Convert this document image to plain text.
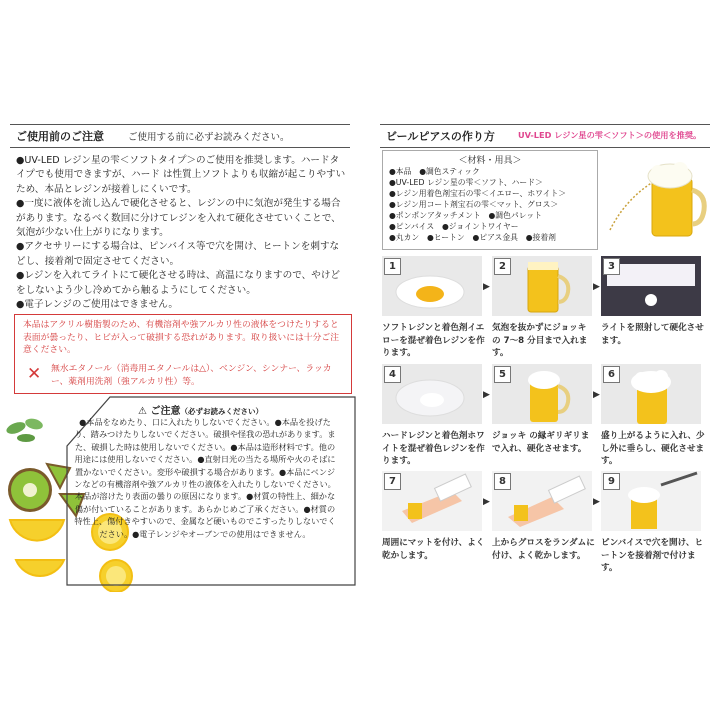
ご使用前のご注意	ご使用する前に必ずお読みください。

●UV-LED レジン星の雫＜ソフトタイプ＞のご使用を推奨します。ハードタイプでも使用できますが、ハード は性質上ソフトよりも収縮が起こりやすいため、本品とレジンが接着しにくいです。

●一度に液体を流し込んで硬化させると、レジンの中に気泡が発生する場合があります。なるべく数回に分けてレジンを入れて硬化させていくことで、気泡が少ない仕上がりになります。

●アクセサリーにする場合は、ピンバイス等で穴を開け、ヒートンを刺すなどし、接着剤で固定させてください。

●レジンを入れてライトにて硬化させる時は、高温になりますので、やけどをしないよう少し冷めてから触るようにしてください。

●電子レンジのご使用はできません。

本品はアクリル樹脂製のため、有機溶剤や強アルカリ性の液体をつけたりすると表面が曇ったり、ヒビが入って破損する恐れがあります。取り扱いには十分ご注意ください。
✕ 無水エタノール（消毒用エタノールは△）、ベンジン、シンナー、ラッカー、薬剤用洗剤（強アルカリ性）等。
⚠ ご注意（必ずお読みください）
●本品をなめたり、口に入れたりしないでください。●本品を投げたり、踏みつけたりしないでください。破損や怪我の恐れがあります。また、破損した時は使用しないでください。●本品は造形材料です。他の用途には使用しないでください。●直射日光の当たる場所や火のそばに置かないでください。変形や破損する場合があります。●本品にベンジンなどの有機溶剤や強アルカリ性の液体を入れたりしないでください。本品が溶けたり表面の曇りの原因になります。●材質の特性上、細かな傷が付いていることがあります。あらかじめご了承ください。●材質の特性上、傷付きやすいので、金属など硬いものでこすったりしないでください。●電子レンジやオーブンでの使用はできません。
ビールピアスの作り方	UV-LED レジン星の雫＜ソフト＞の使用を推奨。
＜材料・用具＞
●本品　●調色スティック
●UV-LED レジン星の雫＜ソフト、ハード＞
●レジン用着色剤宝石の雫＜イエロー、ホワイト＞
●レジン用コート剤宝石の雫＜マット、グロス＞
●ポンポンアタッチメント　●調色パレット
●ピンバイス　●ジョイントワイヤー
●丸カン　●ヒートン　●ピアス金具　●接着剤
1
ソフトレジンと着色剤イエローを混ぜ着色レジンを作ります。
▶
2
気泡を抜かずにジョッキ の 7～8 分目まで入れます。
▶
3
ライトを照射して硬化させます。
4
ハードレジンと着色剤ホワイトを混ぜ着色レジンを作ります。
▶
5
ジョッキ の縁ギリギリまで入れ、硬化させます。
▶
6
盛り上がるように入れ、少し外に垂らし、硬化させます。
7
周囲にマットを付け、よく乾かします。
▶
8
上からグロスをランダムに付け、よく乾かします。
▶
9
ピンバイスで穴を開け、ヒートンを接着剤で付けます。
